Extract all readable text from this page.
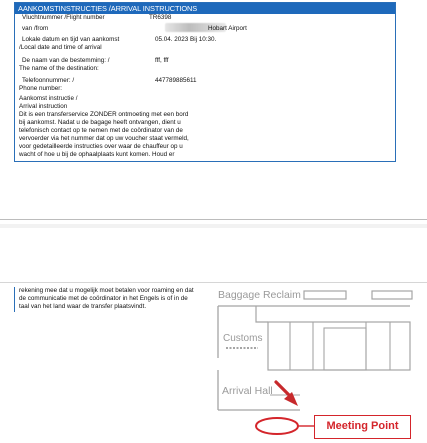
AANKOMSTINSTRUCTIES /ARRIVAL INSTRUCTIONS
Vluchtnummer /Flight number	TR6398
van /from	Hobart Airport
Lokale datum en tijd van aankomst	05.04. 2023 Bij 10:30.
/Local date and time of arrival
De naam van de bestemming: /	fff, fff
The name of the destination:
Telefoonnummer: /	447789885611
Phone number:
Aankomst instructie /
Arrival instruction
Dit is een transferservice ZONDER ontmoeting met een bord
bij aankomst. Nadat u de bagage heeft ontvangen, dient u
telefonisch contact op te nemen met de coördinator van de
vervoerder via het nummer dat op uw voucher staat vermeld,
voor gedetailleerde instructies over waar de chauffeur op u
wacht of hoe u bij de ophaalplaats kunt komen. Houd er
rekening mee dat u mogelijk moet betalen voor roaming en dat
de communicatie met de coördinator in het Engels is of in de
taal van het land waar de transfer plaatsvindt.
Baggage Reclaim
Customs
Arrival Hall
Meeting Point
